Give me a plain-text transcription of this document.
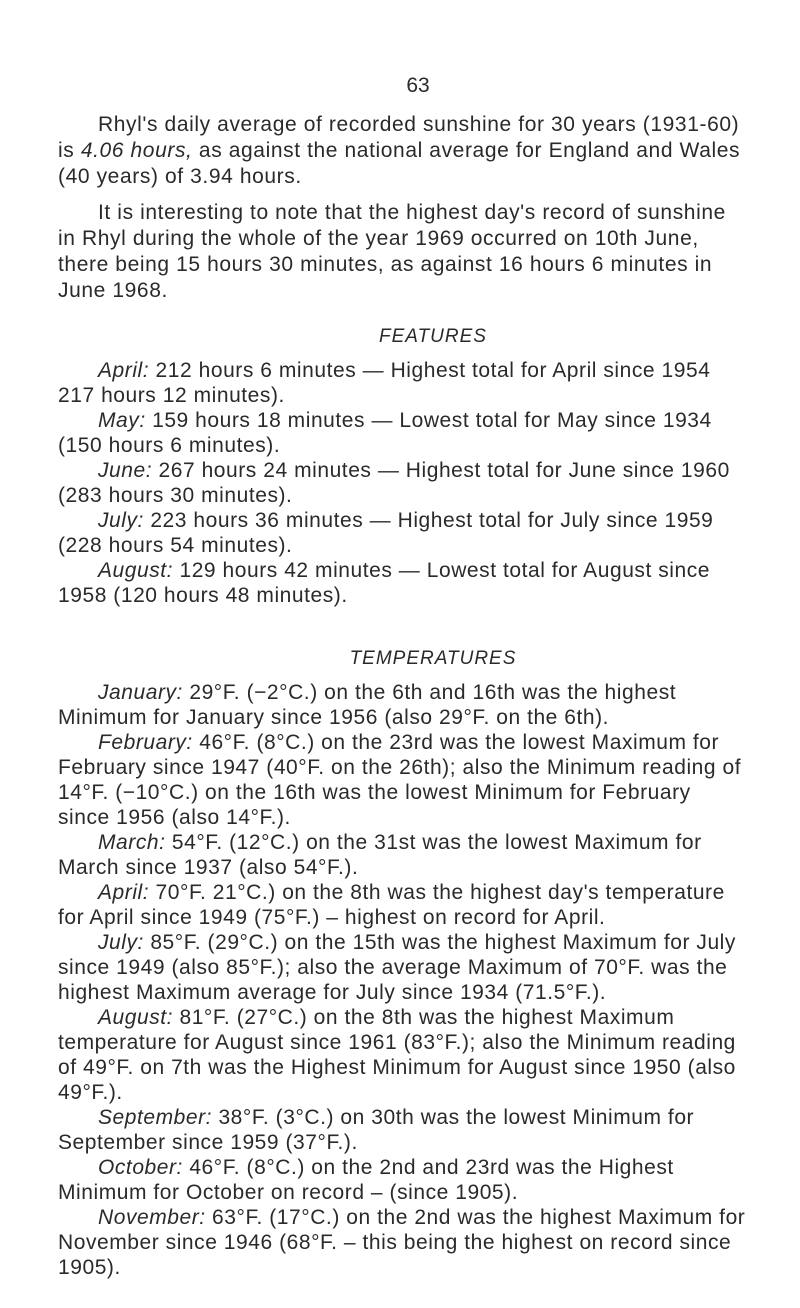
63

Rhyl's daily average of recorded sunshine for 30 years (1931-60) is 4.06 hours, as against the national average for England and Wales (40 years) of 3.94 hours.

It is interesting to note that the highest day's record of sunshine in Rhyl during the whole of the year 1969 occurred on 10th June, there being 15 hours 30 minutes, as against 16 hours 6 minutes in June 1968.

FEATURES

April: 212 hours 6 minutes — Highest total for April since 1954 217 hours 12 minutes).

May: 159 hours 18 minutes — Lowest total for May since 1934 (150 hours 6 minutes).

June: 267 hours 24 minutes — Highest total for June since 1960 (283 hours 30 minutes).

July: 223 hours 36 minutes — Highest total for July since 1959 (228 hours 54 minutes).

August: 129 hours 42 minutes — Lowest total for August since 1958 (120 hours 48 minutes).

TEMPERATURES

January: 29°F. (−2°C.) on the 6th and 16th was the highest Minimum for January since 1956 (also 29°F. on the 6th).

February: 46°F. (8°C.) on the 23rd was the lowest Maximum for February since 1947 (40°F. on the 26th); also the Minimum reading of 14°F. (−10°C.) on the 16th was the lowest Minimum for February since 1956 (also 14°F.).

March: 54°F. (12°C.) on the 31st was the lowest Maximum for March since 1937 (also 54°F.).

April: 70°F. 21°C.) on the 8th was the highest day's temperature for April since 1949 (75°F.) – highest on record for April.

July: 85°F. (29°C.) on the 15th was the highest Maximum for July since 1949 (also 85°F.); also the average Maximum of 70°F. was the highest Maximum average for July since 1934 (71.5°F.).

August: 81°F. (27°C.) on the 8th was the highest Maximum temperature for August since 1961 (83°F.); also the Minimum reading of 49°F. on 7th was the Highest Minimum for August since 1950 (also 49°F.).

September: 38°F. (3°C.) on 30th was the lowest Minimum for September since 1959 (37°F.).

October: 46°F. (8°C.) on the 2nd and 23rd was the Highest Minimum for October on record – (since 1905).

November: 63°F. (17°C.) on the 2nd was the highest Maximum for November since 1946 (68°F. – this being the highest on record since 1905).
